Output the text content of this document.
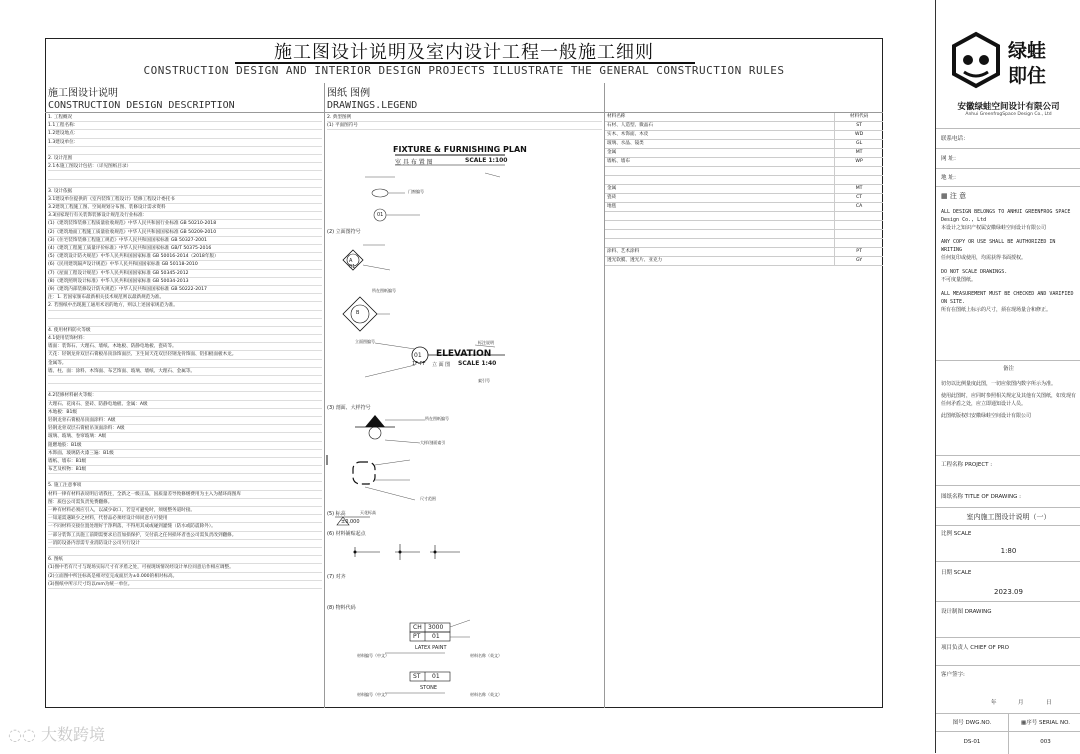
施工图设计说明及室内设计工程一般施工细则
CONSTRUCTION DESIGN AND INTERIOR DESIGN PROJECTS ILLUSTRATE THE GENERAL CONSTRUCTION RULES
施工图设计说明
CONSTRUCTION DESIGN DESCRIPTION
图纸 图例
DRAWINGS.LEGEND
1. 工程概况
1.1工程名称：
1.2建设地点：
1.3建设单位：
2. 设计范围
2.1本施工图设计包括：（详见图纸目录）
3. 设计依据
3.1建设单位提供的《室内装饰工程设计》装修工程设计委托书
3.2建筑工程施工图、空间规划分布图、装修设计需求资料
3.3国家现行有关装饰装修设计规范及行业标准：
(1)《建筑装饰装修工程质量验收规范》中华人民共和国行业标准 GB 50210-2018
(2)《建筑地面工程施工质量验收规范》中华人民共和国国家标准 GB 50209-2010
(3)《住宅装饰装修工程施工规范》中华人民共和国国家标准 GB 50327-2001
(4)《建筑工程施工质量评价标准》中华人民共和国国家标准 GB/T 50375-2016
(5)《建筑设计防火规范》中华人民共和国国家标准 GB 50016-2014（2018年版）
(6)《民用建筑隔声设计规范》中华人民共和国国家标准 GB 50118-2010
(7)《屋面工程设计规范》中华人民共和国国家标准 GB 50345-2012
(8)《建筑照明设计标准》中华人民共和国国家标准 GB 50034-2013
(9)《建筑内部装修设计防火规范》中华人民共和国国家标准 GB 50222-2017
注：1. 若国家颁布最新相关技术规范则以最新规范为准。
2. 若图纸中出现施工通用术语的地方，则以上述国家规范为准。
4. 使用材料防火等级
4.1使用装饰材料：
墙面：装饰石、大理石、墙纸、木地板、防静电地板、瓷砖等。
天花：轻钢龙骨双层石膏板吊顶涂饰面层、卫生间天花双层轻钢龙骨饰面、铝扣板面板木龙。
金属等。
墙、柱、面：涂料、木饰面、布艺饰面、玻璃、墙纸、大理石、金属等。
4.2装修材料耐火等级：
大理石、花岗石、瓷砖、防静电地板、金属：A级
木地板：B1级
轻钢龙骨石膏板吊顶面涂料：A级
轻钢龙骨双层石膏板吊顶面涂料：A级
玻璃、玻璃、卷帘玻璃：A级
阻燃地胶：B1级
木饰面、玻璃防火漆三遍：B1级
墙纸、墙布：B1级
布艺及织物：B1级
5. 施工注意事项
材料一律有材料表说明后请我往，全新之一级正品，国质量差导致修缮费用为主入为循环商图库
图：质包公司需负责免费翻修。
一种有材料必须应引入，以减少砍口，若是可避免时，须缓整务道时接。
一知道需遇缺少之材料，代替品必须经设计师同意方可使用
一不同材料交接位置处理好于净利落，不得用其成或碰到灌缝（防水或防震除外）。
一部分装饰工具施工前期需要求后首加损保护，交付前之任何损坏者也公司需负责改到翻修。
一消防设备内容需专业消防设计公司另行设计
6. 图纸
(1)图中若有尺寸与现场实际尺寸有矛盾之处，可视现场情况经设计单位同意后作相应调整。
(2)立面图中所注标高是相对室完成面层为±0.000的相对标高。
(3)图纸中所示尺寸均以mm为统一单位。
2. 典型图例
(1) 平面图符号
(2) 立面图符号
(3) 剖面、大样符号
(5) 标高
(6) 材料铺贴起点
(7) 对齐
(8) 物料代码
FIXTURE & FURNISHING PLAN
室 具 布 置 图	SCALE 1:100
门窗编号
01
A
01
所在图纸编号
B
01 ELEVATION
1F-FF 立 面 图 SCALE 1:40
立面图编号	标注说明
索引号
所在图纸编号
大样/剖面索引
尺寸范围
±0.000
天花标高
CH 3000
PT 01
LATEX PAINT
材料编号（中文）	材料名称（英文）
ST 01
STONE
材料编号（中文）	材料名称（英文）
材料名称	材料代码
石材、人造型、微晶石	ST
实木、木饰面、木皮	WD
玻璃、水晶、镜类	GL
金属	MT
墙纸、墙布	WP
金属	MT
瓷砖	CT
地毯	CA
涂料、艺术涂料	PT
透光软膜、透光片、亚克力	GY
绿蛙
即住
安徽绿蛙空间设计有限公司
Anhui GreenfrogSpace Design Co., Ltd
联系电话：
网 址：
地 址：
▦ 注 意
ALL DESIGN BELONGS TO ANHUI GREENFROG SPACE Design Co., Ltd
本设计之知识产权属安徽绿蛙空间设计有限公司
ANY COPY OR USE SHALL BE AUTHORIZED IN WRITING
任何复印或使用，均需获得书面授权。
DO NOT SCALE DRAWINGS.
不可度量图纸。
ALL MEASUREMENT MUST BE CHECKED AND VARIFIED ON SITE.
所有在图纸上标示的尺寸，须在现场量合和修正。
备注
切勿以比例量度此图，一切应依图内数字所示为准。
使用此图时，应同时参照相关规定及其他有关图纸，如发现有任何矛盾之处，应立即通知设计人员。
此图纸版权归安徽绿蛙空间设计有限公司
工程名称 PROJECT :
图纸名称 TITLE OF DRAWING :
室内施工图设计说明（一）
比例 SCALE
1:80
日期 SCALE
2023.09
设计制图 DRAWING
项目负责人 CHIEF OF PRO
客户签字:
年	月	日
图号 DWG.NO.	▦序号 SERIAL NO.
DS-01	003
◌◌ 大数跨境
